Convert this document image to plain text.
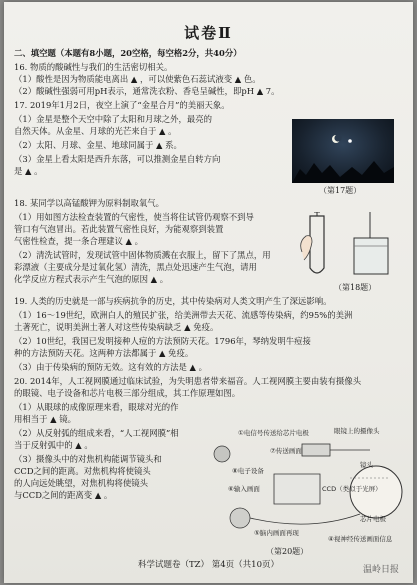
试卷Ⅱ
二、填空题（本题有8小题，20空格，每空格2分，共40分）
16. 物质的酸碱性与我们的生活密切相关。
（1）酸性是因为物质能电离出 ▲ ，可以使紫色石蕊试液变 ▲ 色。
（2）酸碱性强弱可用pH表示，通常洗衣粉、香皂呈碱性，即pH ▲ 7。
17. 2019年1月2日，夜空上演了“金星合月”的美丽天象。
（1）金星是整个天空中除了太阳和月球之外，最亮的
自然天体。从金星、月球的光芒来自于 ▲ 。
（2）太阳、月球、金星、地球同属于 ▲ 系。
（3）金星上看太阳是西升东落，可以推测金星自转方向
是 ▲ 。
（第17题）
18. 某同学以高锰酸钾为原料制取氧气。
（1）用如图方法检查装置的气密性，使当将住试管仍观察不到导
管口有气泡冒出。若此装置气密性良好，为能观察到装置
气密性检查，提一条合理建议 ▲ 。
（2）清洗试管时，发现试管中固体物质溅在衣服上，留下了黑点，用
彩漂液（主要成分是过氧化氢）清洗，黑点处迅速产生气泡，请用
化学反应方程式表示产生气泡的原因 ▲ 。
（第18题）
19. 人类的历史就是一部与疾病抗争的历史，其中传染病对人类文明产生了深远影响。
（1）16～19世纪，欧洲白人的殖民扩张，给美洲带去天花、流感等传染病，约95%的美洲
土著死亡，说明美洲土著人对这些传染病缺乏 ▲ 免疫。
（2）10世纪，我国已发明接种人痘的方法预防天花。1796年，琴纳发明牛痘接
种的方法预防天花。这两种方法都属于 ▲ 免疫。
（3）由于传染病的预防无效。这有效的方法是 ▲ 。
20. 2014年，人工视网膜通过临床试验，为失明患者带来福音。人工视网膜主要由装有摄像头
的眼镜、电子设备和芯片电极三部分组成，其工作原理如图。
（1）从眼球的成像原理来看，眼球对光的作
用相当于 ▲ 镜。
（2）从反射弧的组成来看，“人工视网膜”相
当于反射弧中的 ▲ 。
（3）摄像头中的对焦机构能调节镜头和
CCD之间的距离。对焦机构将使镜头
的人向远处眺望，对焦机构将使镜头
与CCD之间的距离变 ▲ 。
①电信号传送给芯片电极	眼镜上的摄像头
⑦传送画面
⑧电子设备
⑥输入画面	CCD（类似于光屏）
镜头
芯片电极
⑤脑内画面再现
④视神经传送画面信息
（第20题）
科学试题卷（TZ） 第4页（共10页）	温岭日报
